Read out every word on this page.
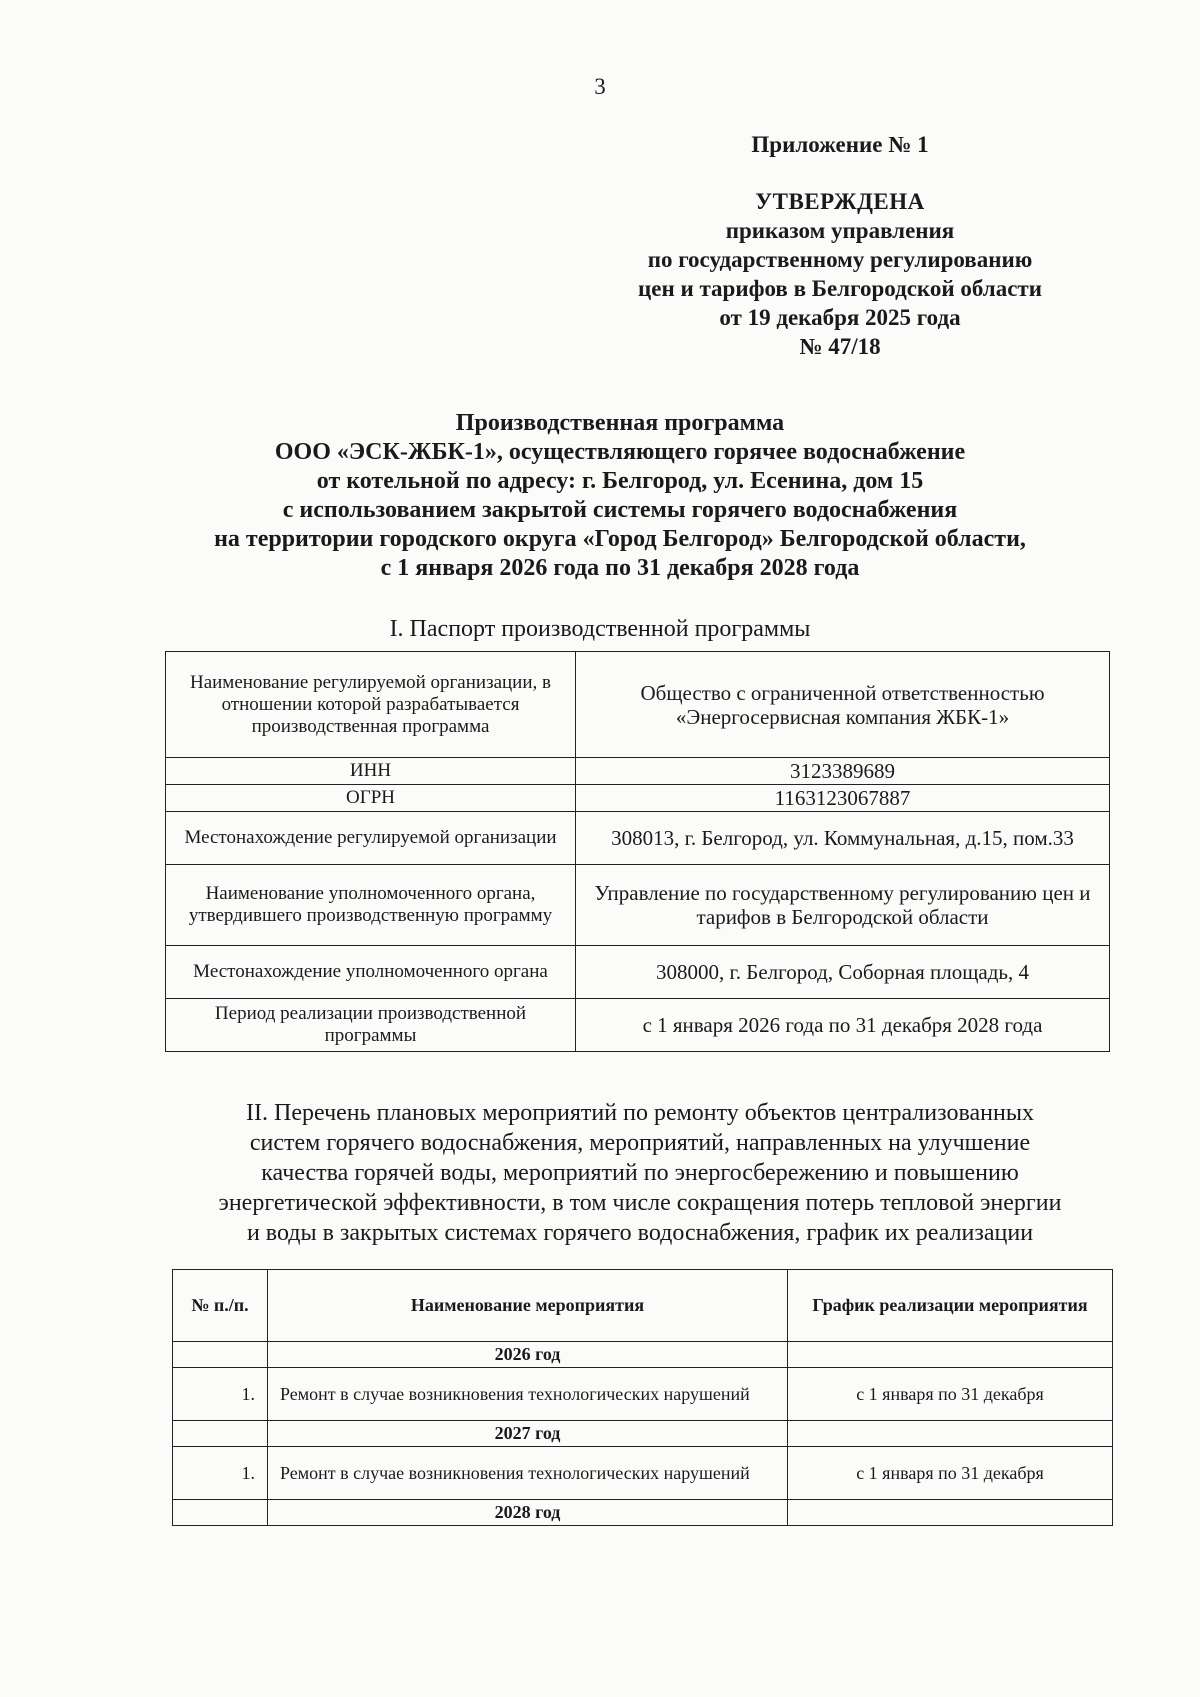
3
Приложение № 1
УТВЕРЖДЕНА
приказом управления
по государственному регулированию
цен и тарифов в Белгородской области
от 19 декабря 2025 года
№ 47/18
Производственная программа
ООО «ЭСК-ЖБК-1», осуществляющего горячее водоснабжение
от котельной по адресу: г. Белгород, ул. Есенина, дом 15
с использованием закрытой системы горячего водоснабжения
на территории городского округа «Город Белгород» Белгородской области,
с 1 января 2026 года по 31 декабря 2028 года
I. Паспорт производственной программы
Наименование регулируемой организации, в отношении которой разрабатывается производственная программа	Общество с ограниченной ответственностью «Энергосервисная компания ЖБК-1»
ИНН	3123389689
ОГРН	1163123067887
Местонахождение регулируемой организации	308013, г. Белгород, ул. Коммунальная, д.15, пом.33
Наименование уполномоченного органа, утвердившего производственную программу	Управление по государственному регулированию цен и тарифов в Белгородской области
Местонахождение уполномоченного органа	308000, г. Белгород, Соборная площадь, 4
Период реализации производственной программы	с 1 января 2026 года по 31 декабря 2028 года
II. Перечень плановых мероприятий по ремонту объектов централизованных
систем горячего водоснабжения, мероприятий, направленных на улучшение
качества горячей воды, мероприятий по энергосбережению и повышению
энергетической эффективности, в том числе сокращения потерь тепловой энергии
и воды в закрытых системах горячего водоснабжения, график их реализации
№ п./п.	Наименование мероприятия	График реализации мероприятия
	2026 год	
1.	Ремонт в случае возникновения технологических нарушений	с 1 января по 31 декабря
	2027 год	
1.	Ремонт в случае возникновения технологических нарушений	с 1 января по 31 декабря
	2028 год	
